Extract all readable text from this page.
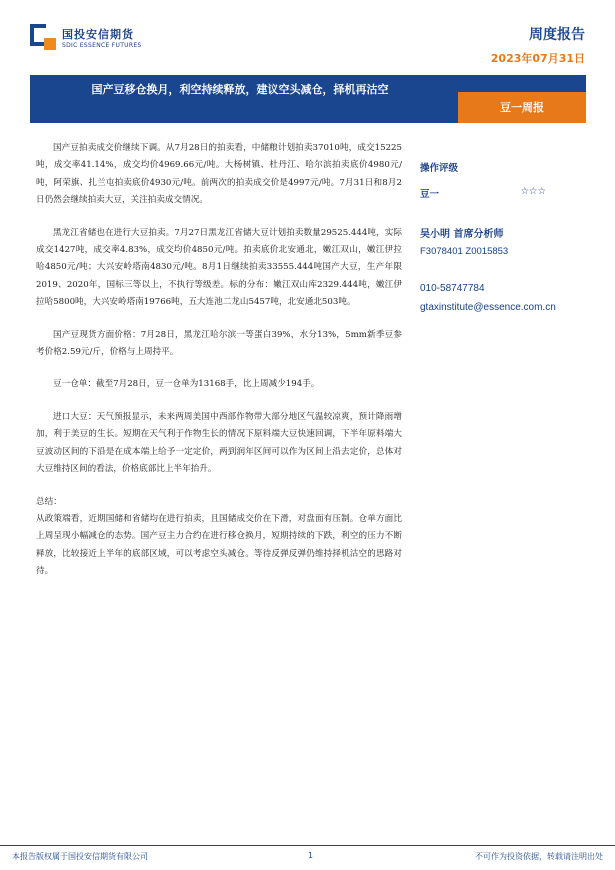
国投安信期货
SDIC ESSENCE FUTURES
周度报告
2023年07月31日
国产豆移仓换月，利空持续释放，建议空头减仓，择机再沽空
豆一周报

国产豆拍卖成交价继续下调。从7月28日的拍卖看，中储粮计划拍卖37010吨，成交15225吨，成交率41.14%，成交均价4969.66元/吨。大杨树镇、杜丹江、哈尔滨拍卖底价4980元/吨，阿荣旗、扎兰屯拍卖底价4930元/吨。前两次的拍卖成交价是4997元/吨。7月31日和8月2日仍然会继续拍卖大豆，关注拍卖成交情况。

黑龙江省储也在进行大豆拍卖。7月27日黑龙江省储大豆计划拍卖数量29525.444吨，实际成交1427吨，成交率4.83%，成交均价4850元/吨。拍卖底价北安通北，嫩江双山，嫩江伊拉哈4850元/吨；大兴安岭塔南4830元/吨。8月1日继续拍卖33555.444吨国产大豆，生产年限2019、2020年，国标三等以上，不执行等级差。标的分布：嫩江双山库2329.444吨，嫩江伊拉哈5800吨，大兴安岭塔南19766吨，五大连池二龙山5457吨，北安通北503吨。

国产豆现货方面价格：7月28日，黑龙江哈尔滨一等蛋白39%，水分13%，5mm新季豆参考价格2.59元/斤，价格与上周持平。

豆一仓单：截至7月28日，豆一仓单为13168手，比上周减少194手。

进口大豆：天气预报显示，未来两周美国中西部作物带大部分地区气温较凉爽，预计降雨增加，利于美豆的生长。短期在天气利于作物生长的情况下原料端大豆快速回调，下半年原料端大豆波动区间的下沿是在成本端上给予一定定价，两到润年区间可以作为区间上沿去定价，总体对大豆维持区间的看法，价格底部比上半年抬升。

总结：

从政策端看，近期国储和省储均在进行拍卖，且国储成交价在下滑，对盘面有压制。仓单方面比上周呈现小幅减仓的态势。国产豆主力合约在进行移仓换月，短期持续的下跌，利空的压力不断释放，比较接近上半年的底部区域，可以考虑空头减仓。等待反弹反弹仍维持择机沽空的思路对待。

操作评级
豆一	☆☆☆
吴小明 首席分析师
F3078401 Z0015853
010-58747784
gtaxinstitute@essence.com.cn
本报告版权属于国投安信期货有限公司	1	不可作为投资依据，转载请注明出处
